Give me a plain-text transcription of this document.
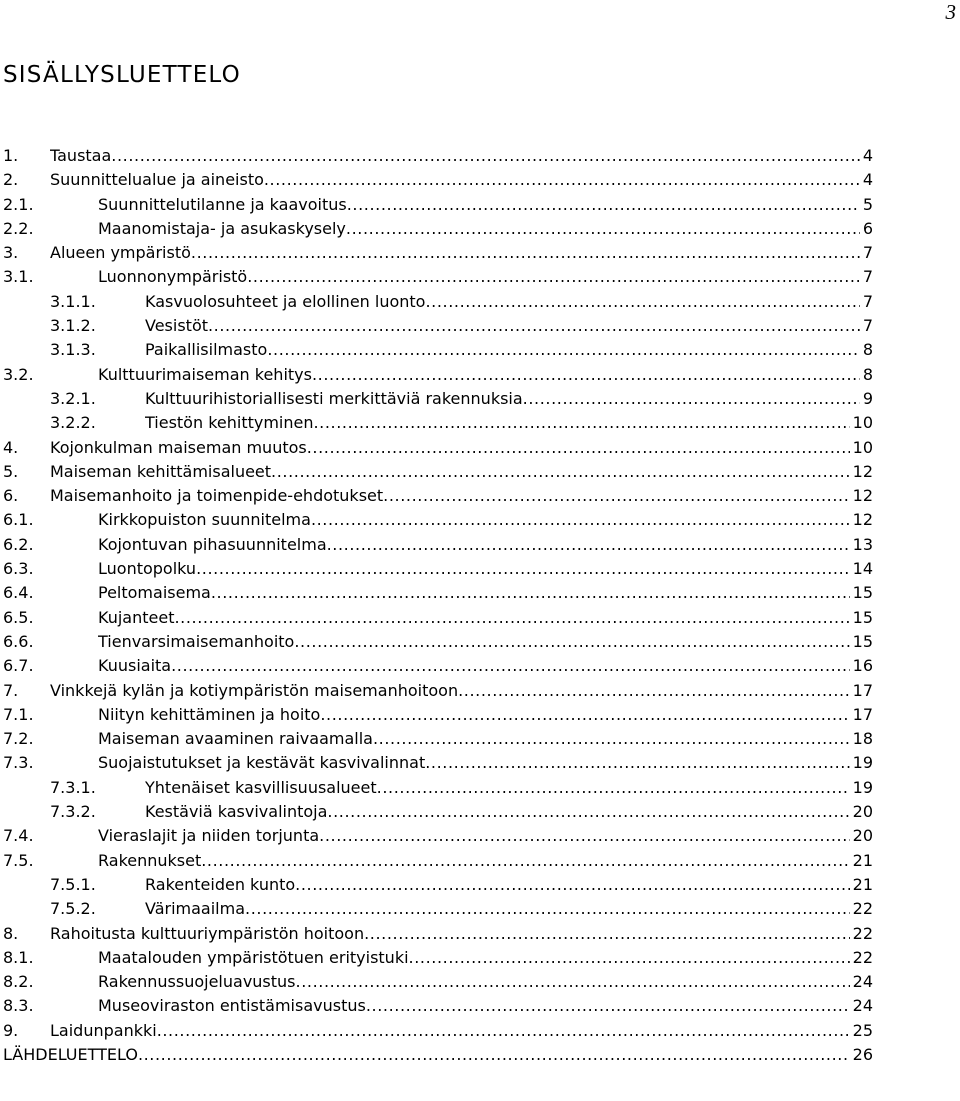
3
SISÄLLYSLUETTELO
1. Taustaa .....	4
2. Suunnittelualue ja aineisto .....	4
2.1.	Suunnittelutilanne ja kaavoitus .....	5
2.2.	Maanomistaja- ja asukaskysely .....	6
3. Alueen ympäristö .....	7
3.1.	Luonnonympäristö .....	7
3.1.1.	Kasvuolosuhteet ja elollinen luonto .....	7
3.1.2.	Vesistöt .....	7
3.1.3.	Paikallisilmasto .....	8
3.2.	Kulttuurimaiseman kehitys .....	8
3.2.1.	Kulttuurihistoriallisesti merkittäviä rakennuksia .....	9
3.2.2.	Tiestön kehittyminen .....	10
4. Kojonkulman maiseman muutos .....	10
5. Maiseman kehittämisalueet .....	12
6. Maisemanhoito ja toimenpide-ehdotukset .....	12
6.1.	Kirkkopuiston suunnitelma .....	12
6.2.	Kojontuvan pihasuunnitelma .....	13
6.3.	Luontopolku .....	14
6.4.	Peltomaisema .....	15
6.5.	Kujanteet .....	15
6.6.	Tienvarsimaisemanhoito .....	15
6.7.	Kuusiaita .....	16
7. Vinkkejä kylän ja kotiympäristön maisemanhoitoon .....	17
7.1.	Niityn kehittäminen ja hoito .....	17
7.2.	Maiseman avaaminen raivaamalla .....	18
7.3.	Suojaistutukset ja kestävät kasvivalinnat .....	19
7.3.1.	Yhtenäiset kasvillisuusalueet .....	19
7.3.2.	Kestäviä kasvivalintoja .....	20
7.4.	Vieraslajit ja niiden torjunta .....	20
7.5.	Rakennukset .....	21
7.5.1.	Rakenteiden kunto .....	21
7.5.2.	Värimaailma .....	22
8. Rahoitusta kulttuuriympäristön hoitoon .....	22
8.1.	Maatalouden ympäristötuen erityistuki .....	22
8.2.	Rakennussuojeluavustus .....	24
8.3.	Museoviraston entistämisavustus .....	24
9. Laidunpankki .....	25
LÄHDELUETTELO .....	26
